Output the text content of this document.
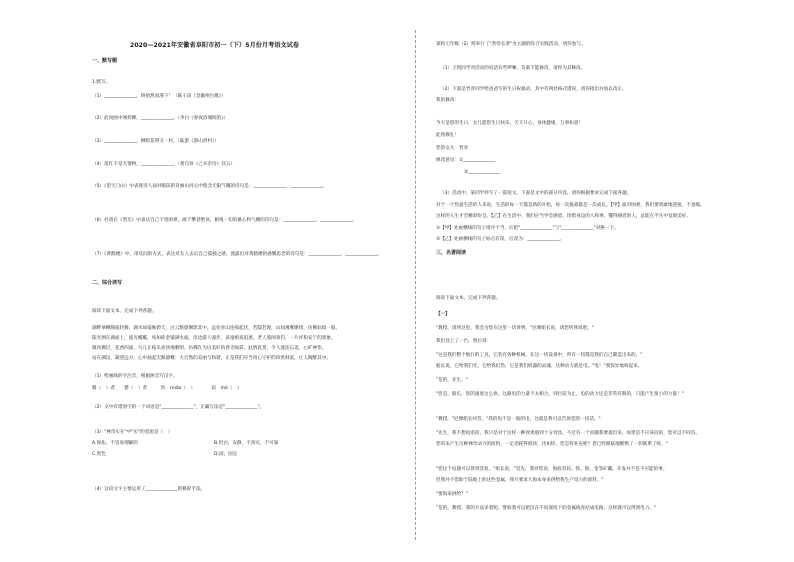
2020—2021年安徽省阜阳市初一（下）5月份月考语文试卷
一、默写题
1.默写。
（1）______________，终始然而沸下！（陈子昂《登幽州台歌》）
（2）此夜曲中闻折柳，______________。（李白《春夜洛城闻笛》）
（3）______________，柳暗花明又一村。（陆游《游山西村》）
（4）落红不是无情物，______________。（龚自珍《己亥杂诗》其五）
（5）《望天门山》中表现诗人面对眼前的奇丽山河心中饱含无限气魄的诗句是：______________，______________。
（6）杜甫在《望岳》中表达自己不畏困难，敢于攀登绝顶，俯视一切的雄心和气概的诗句是：______________，______________。
（7）《黄鹤楼》中，用反问的方式，表达对友人去后自己孤独之感，流露出对黄鹤楼的感慨思念的诗句是：______________，______________。
二、综合读写
阅读下面文本，完成下列各题。
湖畔翠柳随波轻舞，湖水如镜映碧天，白云悠悠倒影其中。远处青山连绵起伏，若隐若现，山间薄雾缭绕，仿佛仙境一般。
阳光洒在湖面上，波光粼粼，宛如碎金铺满水面。岸边游人漫步，孩童嬉戏追逐，老人悠闲垂钓，一片祥和安宁的景象。
微风拂过，花香四溢，鸟儿在枝头欢快地歌唱，仿佛在为这美好的春光喝彩。此情此景，令人流连忘返，心旷神怡。
站在湖边，凝望远方，心中涌起无限感慨：大自然的美丽与和谐，正是我们应当用心守护的珍贵财富，让人陶醉其中。
（1）给画线的字注音，根据拼音写汉字。
翳（　）者　　婪（　）者　　　浩　miǎo（　）　　　　寂　mò（　）
（2）文中有错别字的一个词语是"______________"，正确写法是"______________"。
（3）"神奇实在"中"实"的意思是（　）
A.保佑，不容易理解的	B.坦白，安静，不真实，不可靠
C.黑色	D.固，固定
（4）这段文字主要运用了______________的修辞手法。
某校七年级（2）班举行了"善待长辈"为主题的综合实践活动，请你参与。
（1）王悦同学对活动的说话有些啰嗦，答案不能修改，请你为其修改。
（2）下面是晋青同学给爸爸写的生日祝福语，其中有两处格式错误，请你指出并加以改正。
我的修改：
今天是您的生日，女儿愿您生日快乐，天天开心，身体健康，万事如意！
此致敬礼！
您的女儿　晋青
修改意见：①______________
②______________
（3）活动中，某同学抄写了一篇短文，下面是文中的部分内容，请你根据要求完成下面各题。
对于一个热爱生活的人来说，生活的每一天都是新的开始，每一次挑战都是一次成长。【甲】面对困难，我们要勇敢地迎接，不退缩。
这样的人生才会精彩纷呈。【乙】在生活中，我们应当学会感恩，珍惜身边的人和事。懂得感恩的人，总能在平凡中发现美好。
①【甲】处画横线的句子排序不当，应把"______________"与"______________"对换一下。
②【乙】处画横线的句子标点有误，应改为：______________。
三、名著阅读
阅读下面文本，完成下列各题。
【一】
"教授，请到这里，我会为您在这里一切讲明，"尼摩船长说，请您听我说吧。"
我们登上了一台，然后说：
"这是我们整个航行的工具，它装有各种机械，在这一切设备中，所有一切都是我们自己制造出来的。"
船长说，它给我们光，它给我们热，它是我们机器的灵魂。这种动力就是电。"电！"我惊异地叫起来。
"是的，先生。"
"但是，船长，您的速度这么快，这跟电的力量不太相合，到目前为止，电的动力还是非常有限的，只能产生很小的力量！"
"教授，"尼摩船长回答，"我的电不是一般的电，这就是我可以告诉您的一切话。"
"先生，我不想再追问，我只是对于这样一种效果感到十分奇怪。不过有一个问题我要提出来，如果是不应该问的，您可以不回答。
您用来产生这种神奇动力的原料，一定消耗得很快，比如锌，您怎样补充呢？您已经跟陆地断绝了一切联系了呀。"
"您这个问题可以得到答复，"船长说，"首先，我对您说，海底有锌、铁、银、金等矿藏，开发并不是不可能的事。
但我并不借助于陆地上的这些金属，我只要求大海本身来供给我生产电力的原料。"
"要海来供给？"
"是的，教授，我的方法多着呢。譬如我可以把沉在不同深度下的金属线连结成电路，这样就可以得到电力。"
